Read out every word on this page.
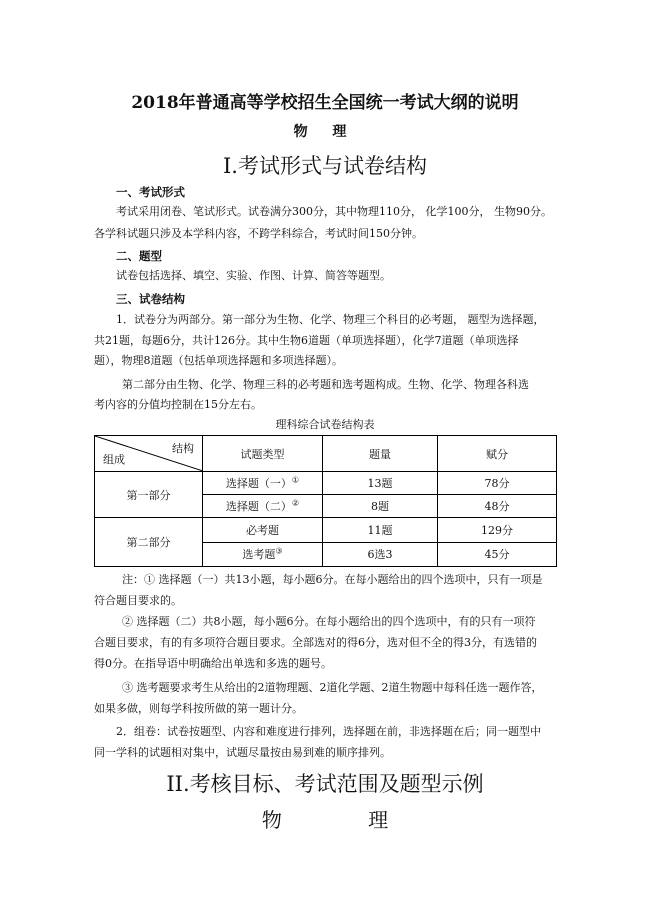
2018年普通高等学校招生全国统一考试大纲的说明
物 理
I.考试形式与试卷结构
一、考试形式
考试采用闭卷、笔试形式。试卷满分300分，其中物理110分， 化学100分， 生物90分。
各学科试题只涉及本学科内容，不跨学科综合，考试时间150分钟。
二、题型
试卷包括选择、填空、实验、作图、计算、简答等题型。
三、试卷结构
1．试卷分为两部分。第一部分为生物、化学、物理三个科目的必考题， 题型为选择题，
共21题，每题6分，共计126分。其中生物6道题（单项选择题），化学7道题（单项选择
题），物理8道题（包括单项选择题和多项选择题）。
第二部分由生物、化学、物理三科的必考题和选考题构成。生物、化学、物理各科选
考内容的分值均控制在15分左右。
理科综合试卷结构表
结构
组成	试题类型	题量	赋分
第一部分	选择题（一）①	13题	78分
	选择题（二）②	8题	48分
第二部分	必考题	11题	129分
	选考题③	6选3	45分
注：① 选择题（一）共13小题，每小题6分。在每小题给出的四个选项中，只有一项是
符合题目要求的。
② 选择题（二）共8小题，每小题6分。在每小题给出的四个选项中，有的只有一项符
合题目要求，有的有多项符合题目要求。全部选对的得6分，选对但不全的得3分，有选错的
得0分。在指导语中明确给出单选和多选的题号。
③ 选考题要求考生从给出的2道物理题、2道化学题、2道生物题中每科任选一题作答，
如果多做，则每学科按所做的第一题计分。
2．组卷：试卷按题型、内容和难度进行排列，选择题在前，非选择题在后；同一题型中
同一学科的试题相对集中，试题尽量按由易到难的顺序排列。
II.考核目标、考试范围及题型示例
物 理
